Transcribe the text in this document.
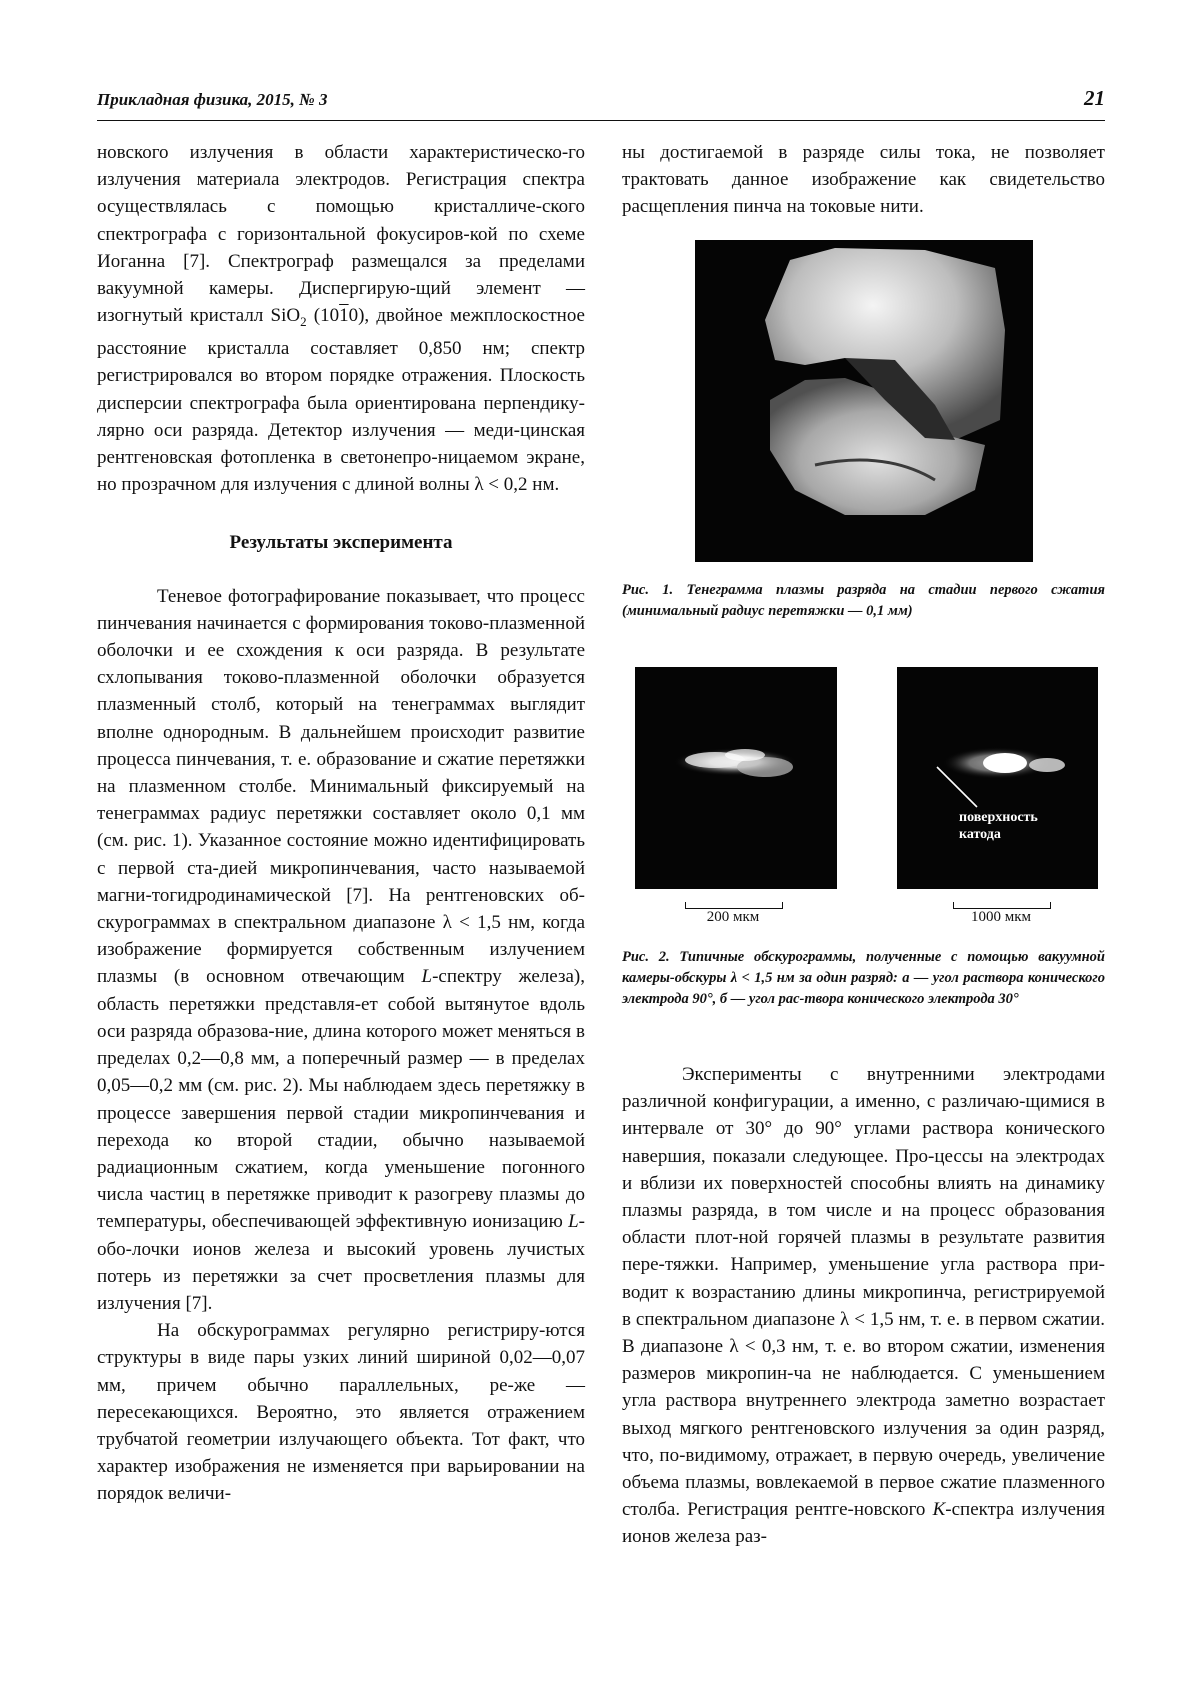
Прикладная физика, 2015, № 3	21

новского излучения в области характеристическо-го излучения материала электродов. Регистрация спектра осуществлялась с помощью кристалличе-ского спектрографа с горизонтальной фокусиров-кой по схеме Иоганна [7]. Спектрограф размещался за пределами вакуумной камеры. Диспергирую-щий элемент — изогнутый кристалл SiO$_2$ (1010), двойное межплоскостное расстояние кристалла составляет 0,850 нм; спектр регистрировался во втором порядке отражения. Плоскость дисперсии спектрографа была ориентирована перпендику-лярно оси разряда. Детектор излучения — меди-цинская рентгеновская фотопленка в светонепро-ницаемом экране, но прозрачном для излучения с длиной волны λ < 0,2 нм.

Результаты эксперимента

Теневое фотографирование показывает, что процесс пинчевания начинается с формирования токово-плазменной оболочки и ее схождения к оси разряда. В результате схлопывания токово-плазменной оболочки образуется плазменный столб, который на тенеграммах выглядит вполне однородным. В дальнейшем происходит развитие процесса пинчевания, т. е. образование и сжатие перетяжки на плазменном столбе. Минимальный фиксируемый на тенеграммах радиус перетяжки составляет около 0,1 мм (см. рис. 1). Указанное состояние можно идентифицировать с первой ста-дией микропинчевания, часто называемой магни-тогидродинамической [7]. На рентгеновских об-скурограммах в спектральном диапазоне λ < 1,5 нм, когда изображение формируется собственным излучением плазмы (в основном отвечающим L-спектру железа), область перетяжки представля-ет собой вытянутое вдоль оси разряда образова-ние, длина которого может меняться в пределах 0,2—0,8 мм, а поперечный размер — в пределах 0,05—0,2 мм (см. рис. 2). Мы наблюдаем здесь перетяжку в процессе завершения первой стадии микропинчевания и перехода ко второй стадии, обычно называемой радиационным сжатием, когда уменьшение погонного числа частиц в перетяжке приводит к разогреву плазмы до температуры, обеспечивающей эффективную ионизацию L-обо-лочки ионов железа и высокий уровень лучистых потерь из перетяжки за счет просветления плазмы для излучения [7].

На обскурограммах регулярно регистриру-ются структуры в виде пары узких линий шириной 0,02—0,07 мм, причем обычно параллельных, ре-же — пересекающихся. Вероятно, это является отражением трубчатой геометрии излучающего объекта. Тот факт, что характер изображения не изменяется при варьировании на порядок величи-

ны достигаемой в разряде силы тока, не позволяет трактовать данное изображение как свидетельство расщепления пинча на токовые нити.

Рис. 1. Тенеграмма плазмы разряда на стадии первого сжатия (минимальный радиус перетяжки — 0,1 мм)
поверхность катода
200 мкм	1000 мкм
Рис. 2. Типичные обскурограммы, полученные с помощью вакуумной камеры-обскуры λ < 1,5 нм за один разряд: а — угол раствора конического электрода 90°, б — угол рас-твора конического электрода 30°

Эксперименты с внутренними электродами различной конфигурации, а именно, с различаю-щимися в интервале от 30° до 90° углами раствора конического навершия, показали следующее. Про-цессы на электродах и вблизи их поверхностей способны влиять на динамику плазмы разряда, в том числе и на процесс образования области плот-ной горячей плазмы в результате развития пере-тяжки. Например, уменьшение угла раствора при-водит к возрастанию длины микропинча, регистрируемой в спектральном диапазоне λ < 1,5 нм, т. е. в первом сжатии. В диапазоне λ < 0,3 нм, т. е. во втором сжатии, изменения размеров микропин-ча не наблюдается. С уменьшением угла раствора внутреннего электрода заметно возрастает выход мягкого рентгеновского излучения за один разряд, что, по-видимому, отражает, в первую очередь, увеличение объема плазмы, вовлекаемой в первое сжатие плазменного столба. Регистрация рентге-новского K-спектра излучения ионов железа раз-
